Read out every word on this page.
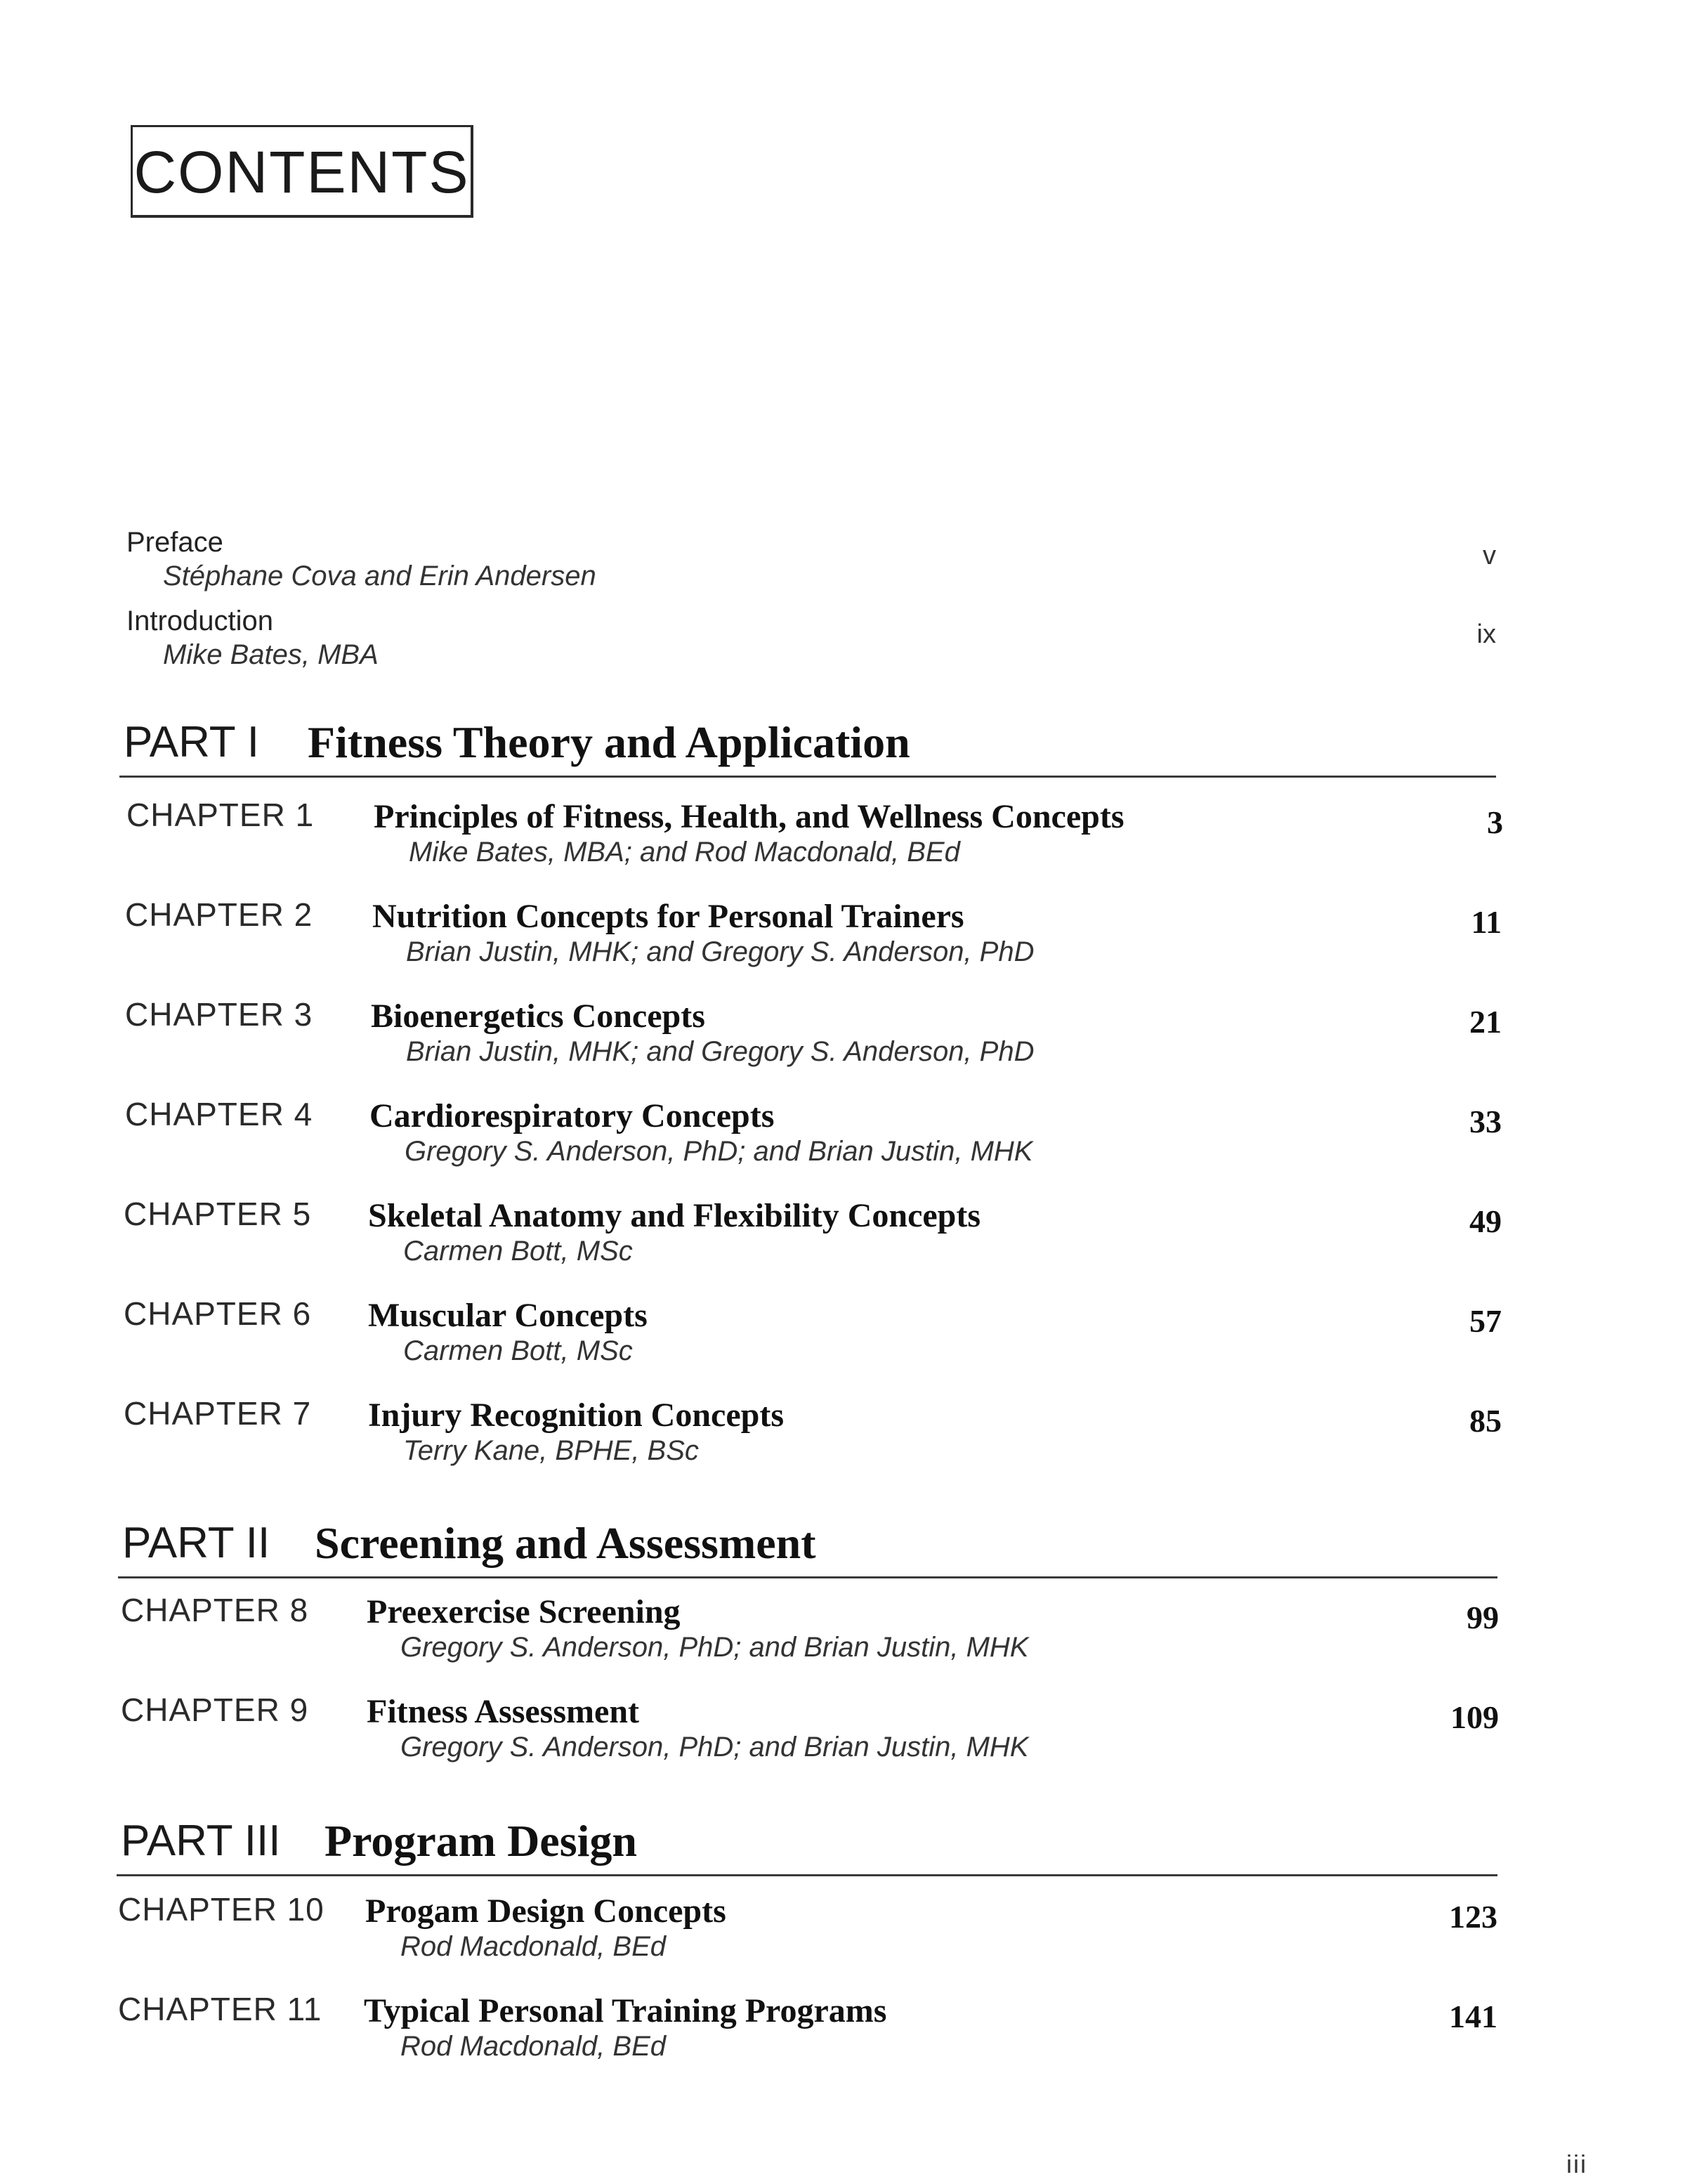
CONTENTS
Preface
Stéphane Cova and Erin Andersen
v
Introduction
Mike Bates, MBA
ix
PART I Fitness Theory and Application
CHAPTER 1 Principles of Fitness, Health, and Wellness Concepts
Mike Bates, MBA; and Rod Macdonald, BEd
3
CHAPTER 2 Nutrition Concepts for Personal Trainers
Brian Justin, MHK; and Gregory S. Anderson, PhD
11
CHAPTER 3 Bioenergetics Concepts
Brian Justin, MHK; and Gregory S. Anderson, PhD
21
CHAPTER 4 Cardiorespiratory Concepts
Gregory S. Anderson, PhD; and Brian Justin, MHK
33
CHAPTER 5 Skeletal Anatomy and Flexibility Concepts
Carmen Bott, MSc
49
CHAPTER 6 Muscular Concepts
Carmen Bott, MSc
57
CHAPTER 7 Injury Recognition Concepts
Terry Kane, BPHE, BSc
85
PART II Screening and Assessment
CHAPTER 8 Preexercise Screening
Gregory S. Anderson, PhD; and Brian Justin, MHK
99
CHAPTER 9 Fitness Assessment
Gregory S. Anderson, PhD; and Brian Justin, MHK
109
PART III Program Design
CHAPTER 10 Progam Design Concepts
Rod Macdonald, BEd
123
CHAPTER 11 Typical Personal Training Programs
Rod Macdonald, BEd
141
iii
